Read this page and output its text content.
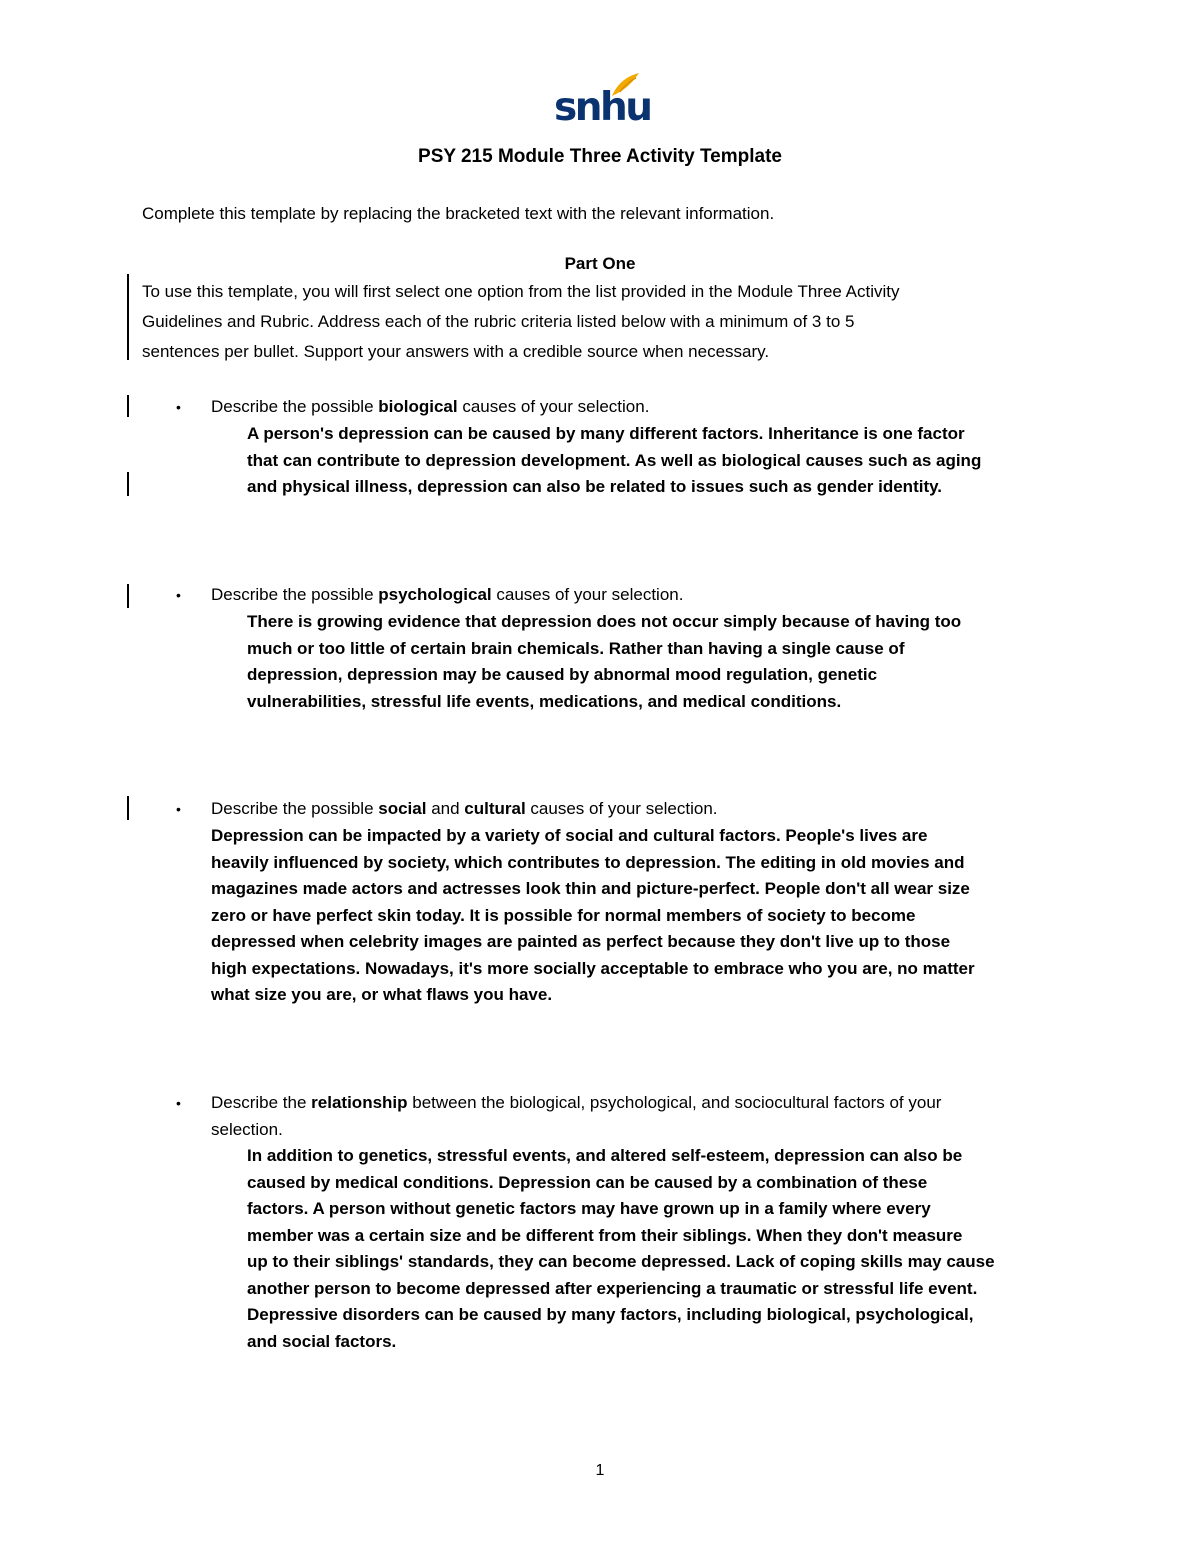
snhu
PSY 215 Module Three Activity Template
Complete this template by replacing the bracketed text with the relevant information.
Part One
To use this template, you will first select one option from the list provided in the Module Three Activity
Guidelines and Rubric. Address each of the rubric criteria listed below with a minimum of 3 to 5
sentences per bullet. Support your answers with a credible source when necessary.
• Describe the possible biological causes of your selection.
A person's depression can be caused by many different factors. Inheritance is one factor
that can contribute to depression development. As well as biological causes such as aging
and physical illness, depression can also be related to issues such as gender identity.
• Describe the possible psychological causes of your selection.
There is growing evidence that depression does not occur simply because of having too
much or too little of certain brain chemicals. Rather than having a single cause of
depression, depression may be caused by abnormal mood regulation, genetic
vulnerabilities, stressful life events, medications, and medical conditions.
• Describe the possible social and cultural causes of your selection.
Depression can be impacted by a variety of social and cultural factors. People's lives are
heavily influenced by society, which contributes to depression. The editing in old movies and
magazines made actors and actresses look thin and picture-perfect. People don't all wear size
zero or have perfect skin today. It is possible for normal members of society to become
depressed when celebrity images are painted as perfect because they don't live up to those
high expectations. Nowadays, it's more socially acceptable to embrace who you are, no matter
what size you are, or what flaws you have.
• Describe the relationship between the biological, psychological, and sociocultural factors of your
selection.
In addition to genetics, stressful events, and altered self-esteem, depression can also be
caused by medical conditions. Depression can be caused by a combination of these
factors. A person without genetic factors may have grown up in a family where every
member was a certain size and be different from their siblings. When they don't measure
up to their siblings' standards, they can become depressed. Lack of coping skills may cause
another person to become depressed after experiencing a traumatic or stressful life event.
Depressive disorders can be caused by many factors, including biological, psychological,
and social factors.
1
